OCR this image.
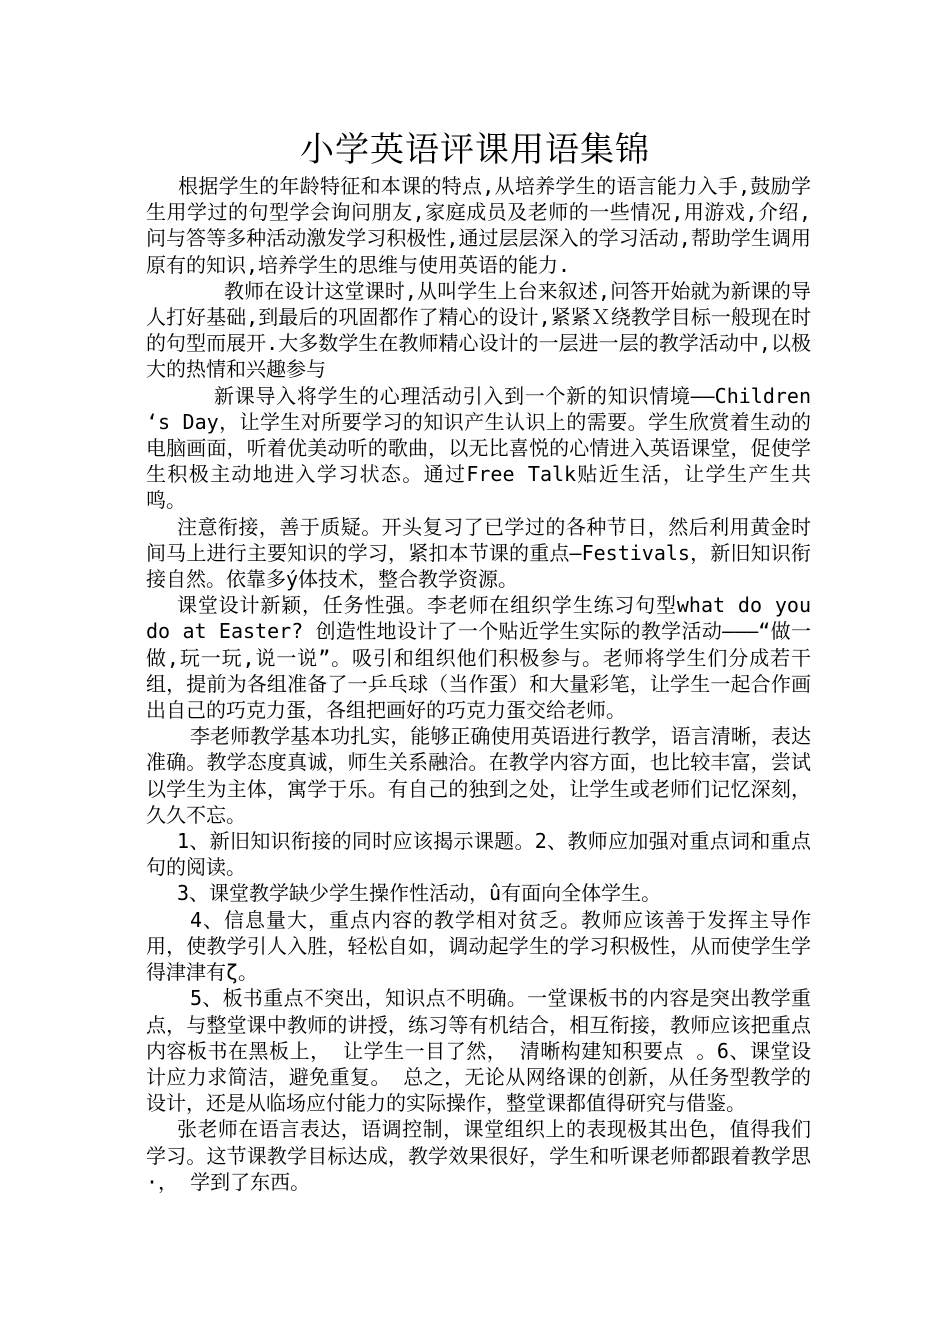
小学英语评课用语集锦

根据学生的年龄特征和本课的特点,从培养学生的语言能力入手,鼓励学生用学过的句型学会询问朋友,家庭成员及老师的一些情况,用游戏,介绍,问与答等多种活动激发学习积极性,通过层层深入的学习活动,帮助学生调用原有的知识,培养学生的思维与使用英语的能力.

教师在设计这堂课时,从叫学生上台来叙述,问答开始就为新课的导人打好基础,到最后的巩固都作了精心的设计,紧紧Ｘ绕教学目标一般现在时的句型而展开.大多数学生在教师精心设计的一层进一层的教学活动中,以极大的热情和兴趣参与

新课导入将学生的心理活动引入到一个新的知识情境——Children ‘s Day，让学生对所要学习的知识产生认识上的需要。学生欣赏着生动的电脑画面，听着优美动听的歌曲，以无比喜悦的心情进入英语课堂，促使学生积极主动地进入学习状态。通过Free Talk贴近生活，让学生产生共鸣。

注意衔接，善于质疑。开头复习了已学过的各种节日，然后利用黄金时间马上进行主要知识的学习，紧扣本节课的重点—Festivals，新旧知识衔接自然。依靠多ý体技术，整合教学资源。

课堂设计新颖，任务性强。李老师在组织学生练习句型what do you do at Easter? 创造性地设计了一个贴近学生实际的教学活动———“做一做,玩一玩,说一说”。吸引和组织他们积极参与。老师将学生们分成若干组，提前为各组准备了一乒乓球（当作蛋）和大量彩笔，让学生一起合作画出自己的巧克力蛋，各组把画好的巧克力蛋交给老师。

李老师教学基本功扎实，能够正确使用英语进行教学，语言清晰，表达准确。教学态度真诚，师生关系融洽。在教学内容方面，也比较丰富，尝试以学生为主体，寓学于乐。有自己的独到之处，让学生或老师们记忆深刻， 久久不忘。

1、新旧知识衔接的同时应该揭示课题。2、教师应加强对重点词和重点句的阅读。

3、课堂教学缺少学生操作性活动，û有面向全体学生。

4、信息量大，重点内容的教学相对贫乏。教师应该善于发挥主导作用，使教学引人入胜，轻松自如，调动起学生的学习积极性，从而使学生学得津津有ζ。

5、板书重点不突出，知识点不明确。一堂课板书的内容是突出教学重点，与整堂课中教师的讲授，练习等有机结合，相互衔接，教师应该把重点内容板书在黑板上， 让学生一目了然， 清晰构建知积要点 。6、课堂设计应力求简洁，避免重复。 总之，无论从网络课的创新，从任务型教学的设计，还是从临场应付能力的实际操作，整堂课都值得研究与借鉴。

张老师在语言表达，语调控制，课堂组织上的表现极其出色，值得我们学习。这节课教学目标达成，教学效果很好，学生和听课老师都跟着教学思·， 学到了东西。
